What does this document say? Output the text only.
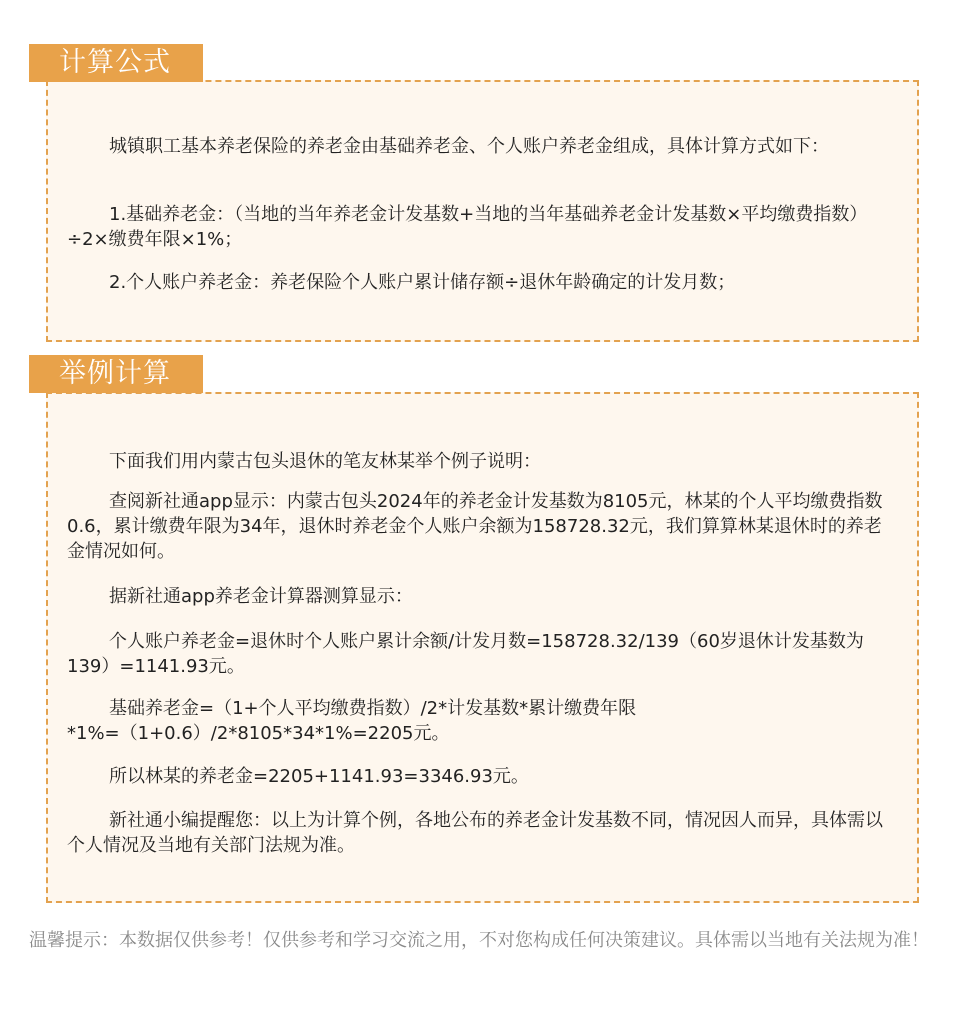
计算公式

城镇职工基本养老保险的养老金由基础养老金、个人账户养老金组成，具体计算方式如下：

1.基础养老金：（当地的当年养老金计发基数+当地的当年基础养老金计发基数×平均缴费指数）÷2×缴费年限×1%；

2.个人账户养老金：养老保险个人账户累计储存额÷退休年龄确定的计发月数；

举例计算

下面我们用内蒙古包头退休的笔友林某举个例子说明：

查阅新社通app显示：内蒙古包头2024年的养老金计发基数为8105元，林某的个人平均缴费指数0.6，累计缴费年限为34年，退休时养老金个人账户余额为158728.32元，我们算算林某退休时的养老金情况如何。

据新社通app养老金计算器测算显示：

个人账户养老金=退休时个人账户累计余额/计发月数=158728.32/139（60岁退休计发基数为139）=1141.93元。

基础养老金=（1+个人平均缴费指数）/2*计发基数*累计缴费年限*1%=（1+0.6）/2*8105*34*1%=2205元。

所以林某的养老金=2205+1141.93=3346.93元。

新社通小编提醒您：以上为计算个例，各地公布的养老金计发基数不同，情况因人而异，具体需以个人情况及当地有关部门法规为准。

温馨提示：本数据仅供参考！仅供参考和学习交流之用，不对您构成任何决策建议。具体需以当地有关法规为准！
